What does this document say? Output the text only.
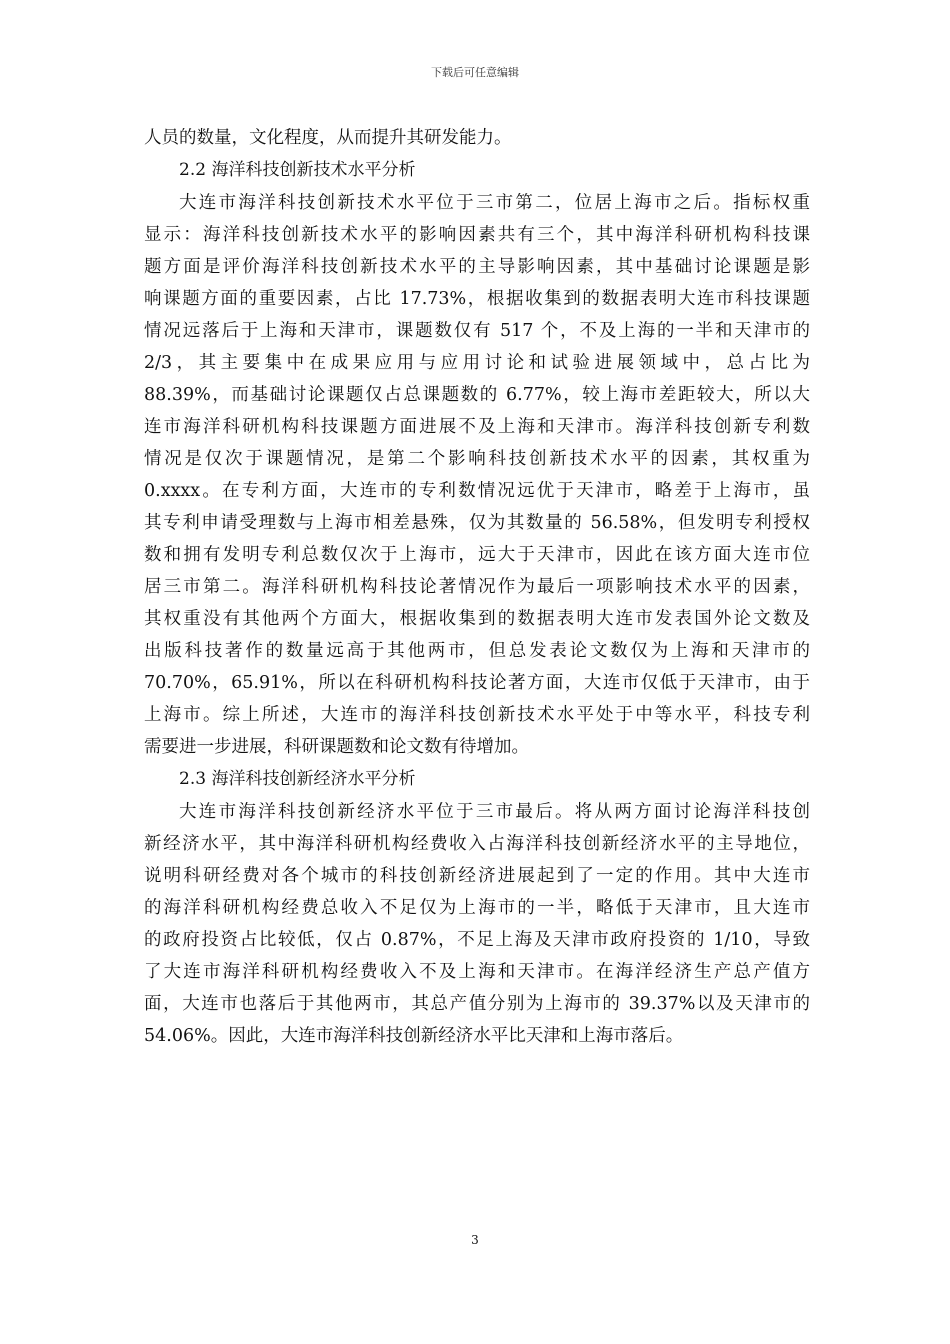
下载后可任意编辑
人员的数量，文化程度，从而提升其研发能力。
2.2 海洋科技创新技术水平分析
大连市海洋科技创新技术水平位于三市第二，位居上海市之后。指标权重
显示：海洋科技创新技术水平的影响因素共有三个，其中海洋科研机构科技课
题方面是评价海洋科技创新技术水平的主导影响因素，其中基础讨论课题是影
响课题方面的重要因素，占比 17.73%，根据收集到的数据表明大连市科技课题
情况远落后于上海和天津市，课题数仅有 517 个，不及上海的一半和天津市的
2/3，其主要集中在成果应用与应用讨论和试验进展领域中，总占比为
88.39%，而基础讨论课题仅占总课题数的 6.77%，较上海市差距较大，所以大
连市海洋科研机构科技课题方面进展不及上海和天津市。海洋科技创新专利数
情况是仅次于课题情况，是第二个影响科技创新技术水平的因素，其权重为
0.xxxx。在专利方面，大连市的专利数情况远优于天津市，略差于上海市，虽
其专利申请受理数与上海市相差悬殊，仅为其数量的 56.58%，但发明专利授权
数和拥有发明专利总数仅次于上海市，远大于天津市，因此在该方面大连市位
居三市第二。海洋科研机构科技论著情况作为最后一项影响技术水平的因素，
其权重没有其他两个方面大，根据收集到的数据表明大连市发表国外论文数及
出版科技著作的数量远高于其他两市，但总发表论文数仅为上海和天津市的
70.70%，65.91%，所以在科研机构科技论著方面，大连市仅低于天津市，由于
上海市。综上所述，大连市的海洋科技创新技术水平处于中等水平，科技专利
需要进一步进展，科研课题数和论文数有待增加。
2.3 海洋科技创新经济水平分析
大连市海洋科技创新经济水平位于三市最后。将从两方面讨论海洋科技创
新经济水平，其中海洋科研机构经费收入占海洋科技创新经济水平的主导地位，
说明科研经费对各个城市的科技创新经济进展起到了一定的作用。其中大连市
的海洋科研机构经费总收入不足仅为上海市的一半，略低于天津市，且大连市
的政府投资占比较低，仅占 0.87%，不足上海及天津市政府投资的 1/10，导致
了大连市海洋科研机构经费收入不及上海和天津市。在海洋经济生产总产值方
面，大连市也落后于其他两市，其总产值分别为上海市的 39.37%以及天津市的
54.06%。因此，大连市海洋科技创新经济水平比天津和上海市落后。
3
